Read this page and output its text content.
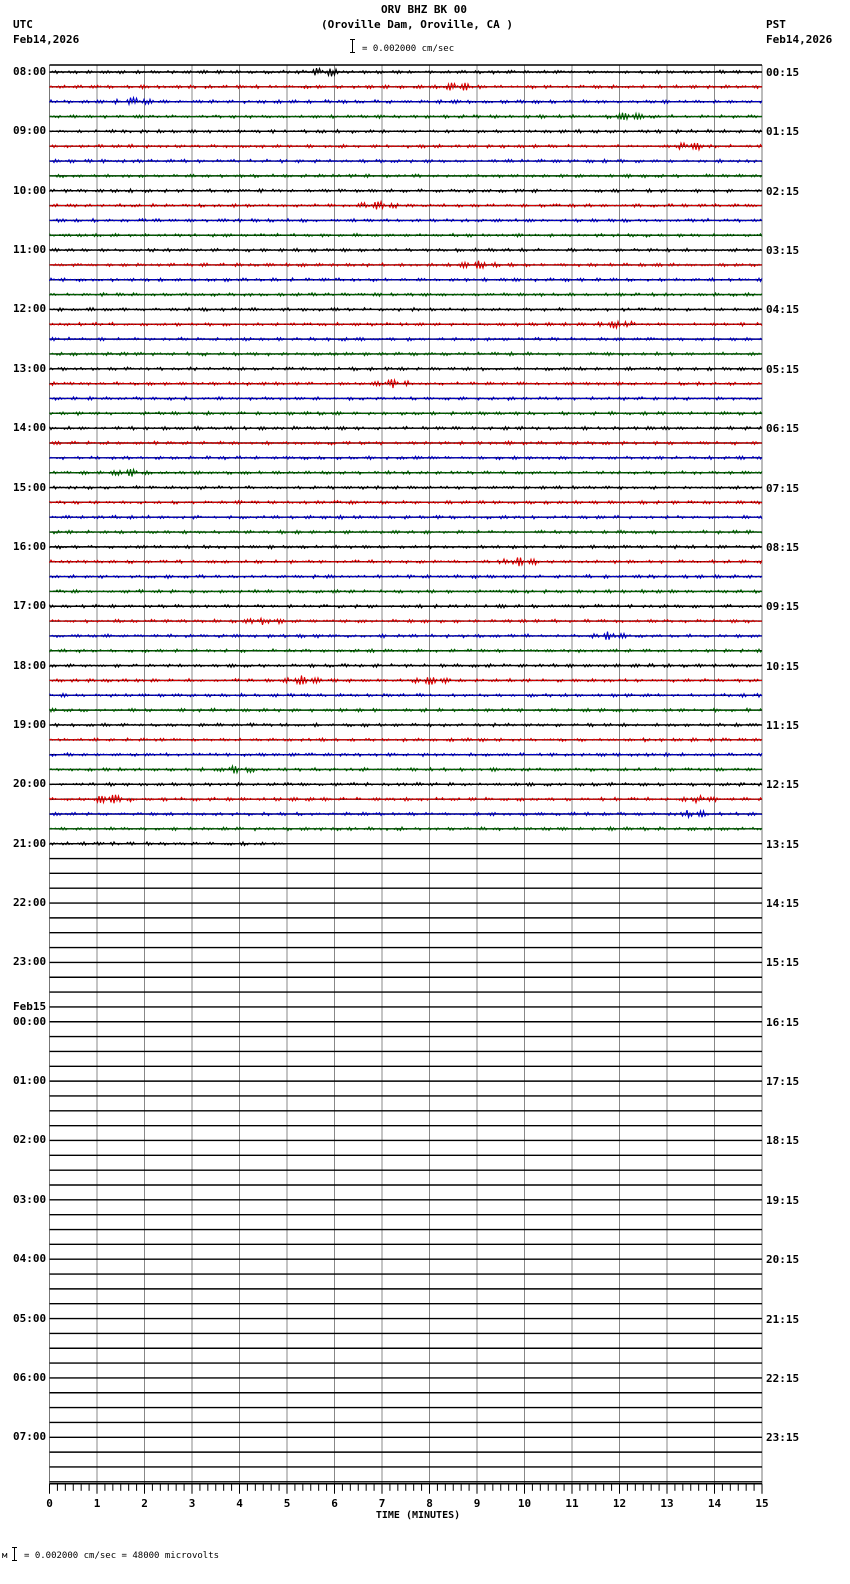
ORV BHZ BK 00
(Oroville Dam, Oroville, CA )
UTC
Feb14,2026
PST
Feb14,2026
= 0.002000 cm/sec
08:00
09:00
10:00
11:00
12:00
13:00
14:00
15:00
16:00
17:00
18:00
19:00
20:00
21:00
22:00
23:00
Feb15
00:00
01:00
02:00
03:00
04:00
05:00
06:00
07:00
00:15
01:15
02:15
03:15
04:15
05:15
06:15
07:15
08:15
09:15
10:15
11:15
12:15
13:15
14:15
15:15
16:15
17:15
18:15
19:15
20:15
21:15
22:15
23:15
0	1	2	3	4	5	6	7	8	9	10	11	12	13	14	15
TIME (MINUTES)
м = 0.002000 cm/sec = 48000 microvolts
